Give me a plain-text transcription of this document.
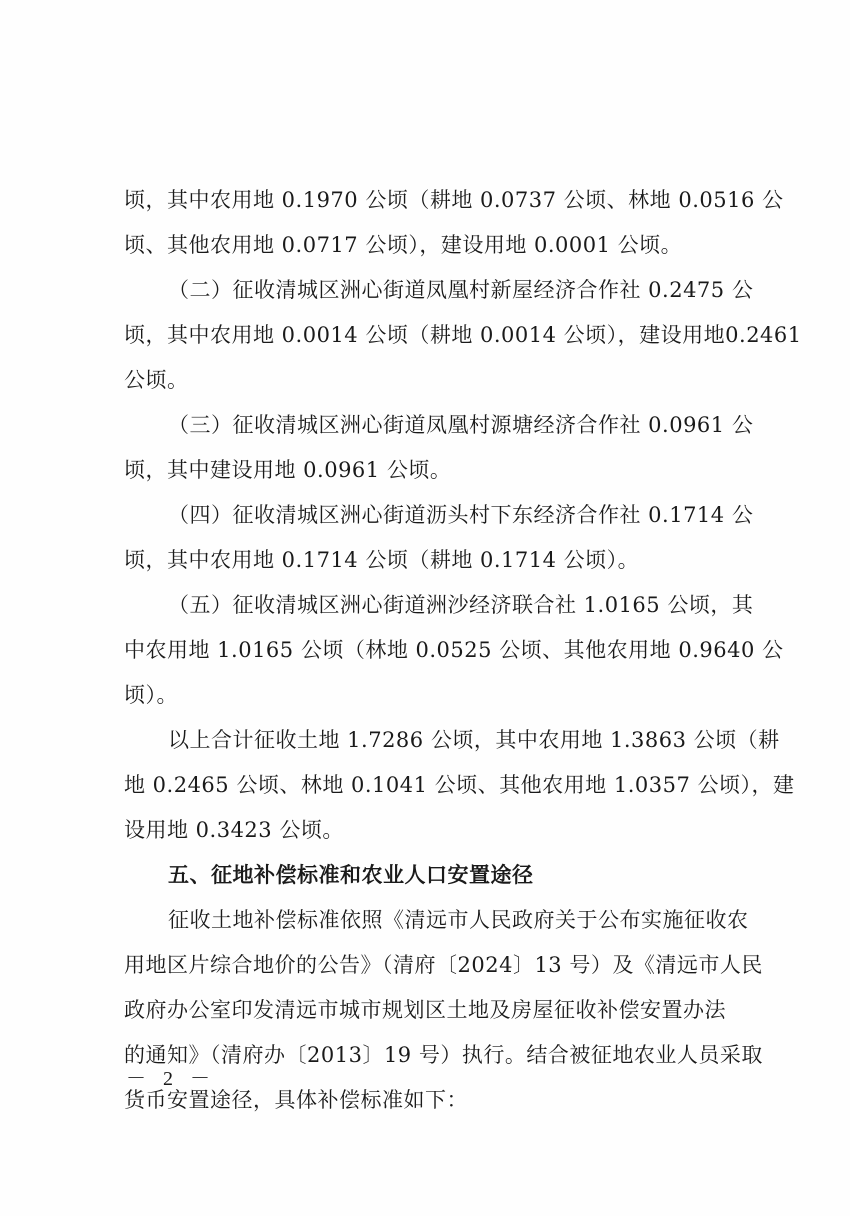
顷，其中农用地 0.1970 公顷（耕地 0.0737 公顷、林地 0.0516 公
顷、其他农用地 0.0717 公顷），建设用地 0.0001 公顷。
（二）征收清城区洲心街道凤凰村新屋经济合作社 0.2475 公
顷，其中农用地 0.0014 公顷（耕地 0.0014 公顷），建设用地0.2461
公顷。
（三）征收清城区洲心街道凤凰村源塘经济合作社 0.0961 公
顷，其中建设用地 0.0961 公顷。
（四）征收清城区洲心街道沥头村下东经济合作社 0.1714 公
顷，其中农用地 0.1714 公顷（耕地 0.1714 公顷）。
（五）征收清城区洲心街道洲沙经济联合社 1.0165 公顷，其
中农用地 1.0165 公顷（林地 0.0525 公顷、其他农用地 0.9640 公
顷）。
以上合计征收土地 1.7286 公顷，其中农用地 1.3863 公顷（耕
地 0.2465 公顷、林地 0.1041 公顷、其他农用地 1.0357 公顷），建
设用地 0.3423 公顷。
五、征地补偿标准和农业人口安置途径
征收土地补偿标准依照《清远市人民政府关于公布实施征收农
用地区片综合地价的公告》（清府〔2024〕13 号）及《清远市人民
政府办公室印发清远市城市规划区土地及房屋征收补偿安置办法
的通知》（清府办〔2013〕19 号）执行。结合被征地农业人员采取
货币安置途径，具体补偿标准如下：
－ 2 －
